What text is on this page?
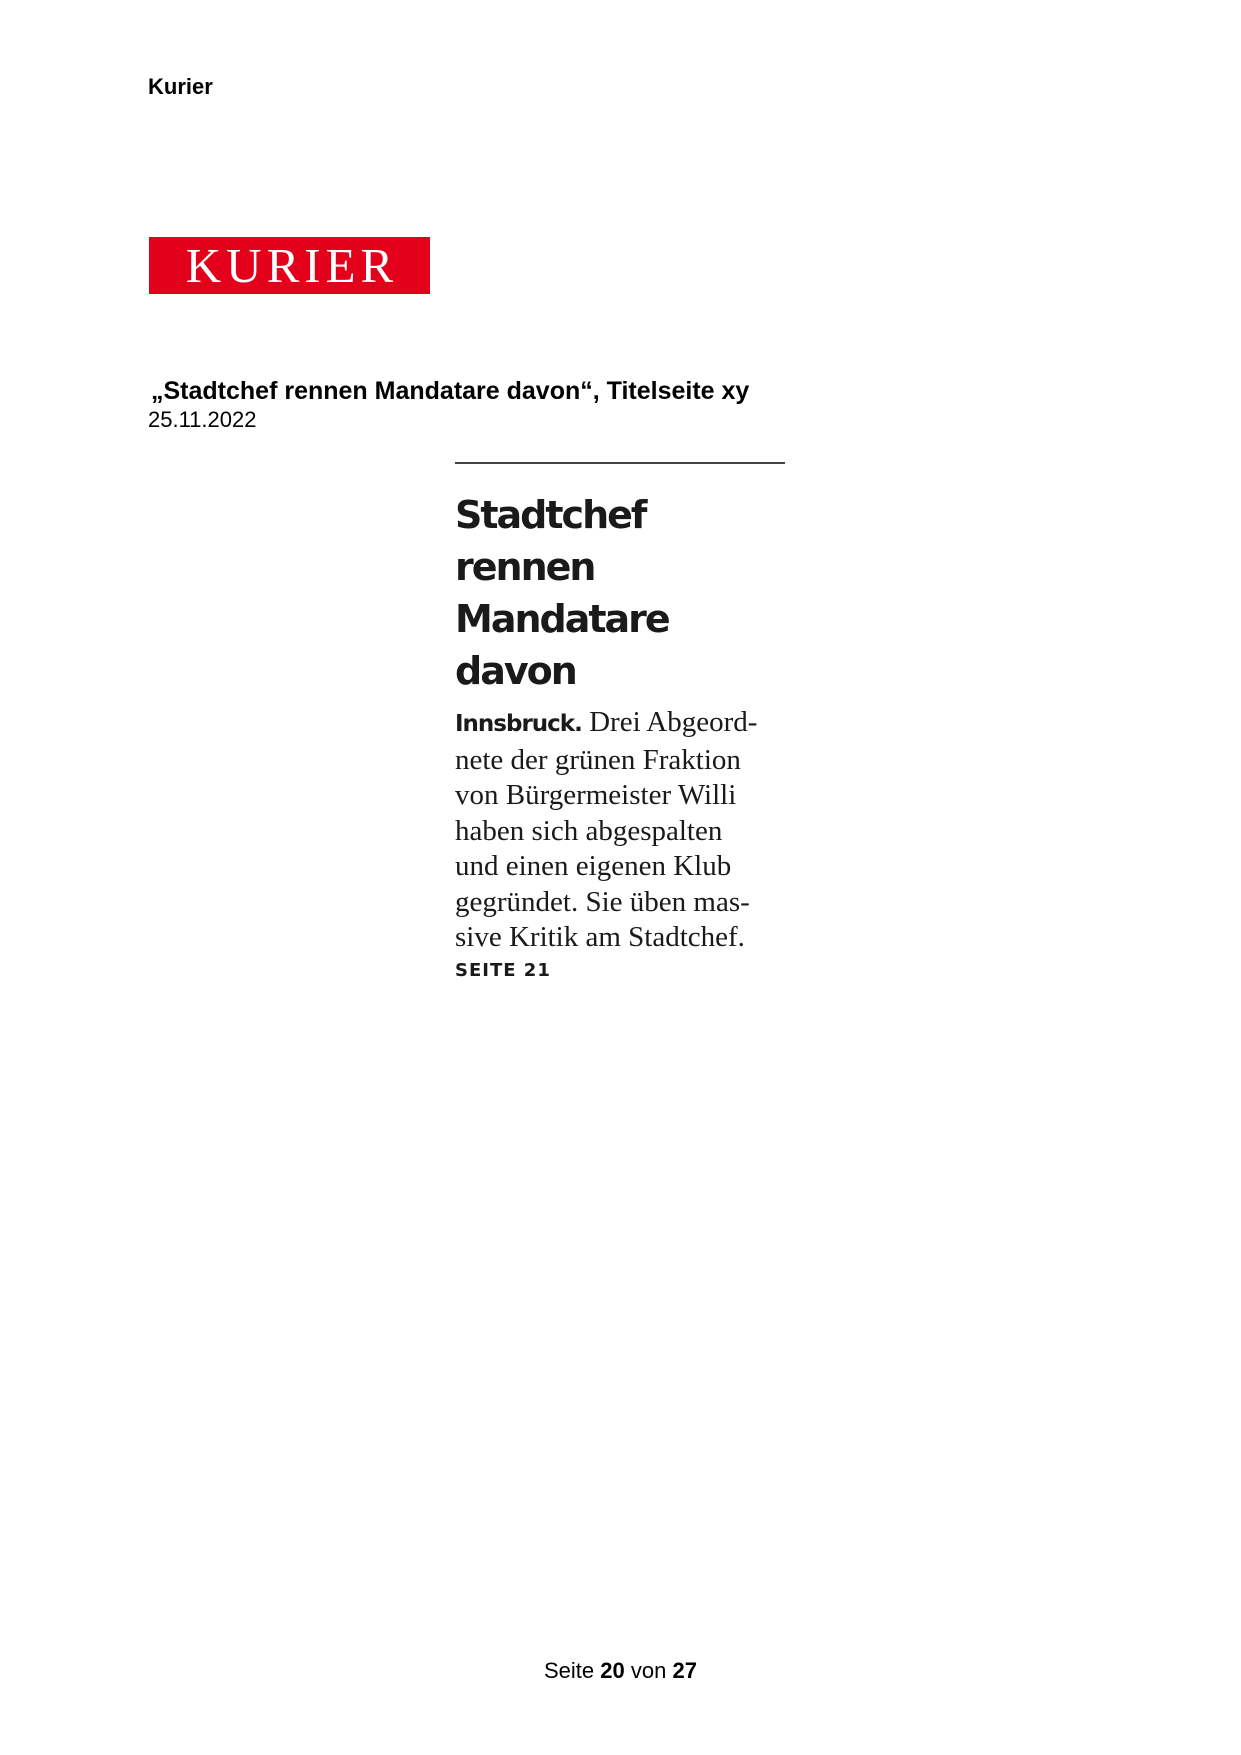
Kurier
KURIER
„Stadtchef rennen Mandatare davon“, Titelseite xy
25.11.2022
Stadtchef rennen
Mandatare davon
Innsbruck. Drei Abgeord-
nete der grünen Fraktion
von Bürgermeister Willi
haben sich abgespalten
und einen eigenen Klub
gegründet. Sie üben mas-
sive Kritik am Stadtchef.
SEITE 21
Seite 20 von 27
